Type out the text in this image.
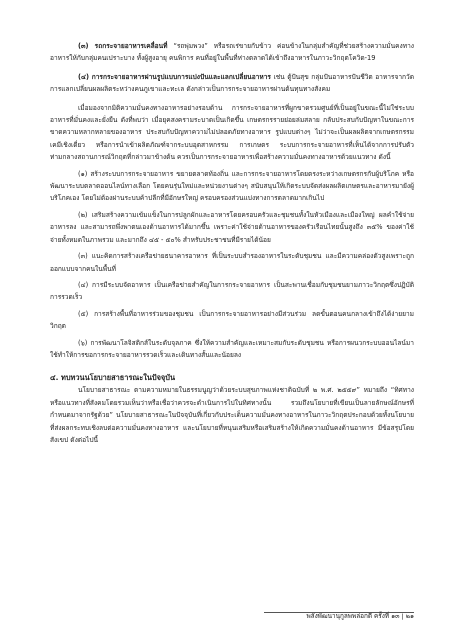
(๓) รถกระจายอาหารเคลื่อนที่ “รถพุ่มพวง” หรือรถเร่ขายกับข้าว ค่อนข้างในกลุ่มสำคัญที่ช่วยสร้างความมั่นคงทางอาหารให้กับกลุ่มคนเปราะบาง ทั้งผู้สูงอายุ คนพิการ คนที่อยู่ในพื้นที่ห่างตลาดได้เข้าถึงอาหารในภาวะวิกฤตโควิด-19

(๔) การกระจายอาหารผ่านรูปแบบการแบ่งปันและแลกเปลี่ยนอาหาร เช่น ตู้ปันสุข กลุ่มปันอาหารปันชีวิต อาหารจากวัด การแลกเปลี่ยนผลผลิตระหว่างคนภูเขาและทะเล ดังกล่าวเป็นการกระจายอาหารผ่านต้นทุนทางสังคม

เมื่อมองจากมิติความมั่นคงทางอาหารอย่างรอบด้าน การกระจายอาหารที่ผูกขาดรวมศูนย์ที่เป็นอยู่ในขณะนี้ไม่ใช่ระบบอาหารที่มั่นคงและยั่งยืน ดังที่พบว่า เมื่อยุคสงครามระบาดเป็นเกิดขึ้น เกษตรกรรายย่อยล่มสลาย กลับประสบกับปัญหาในขณะการ ขาดความหลากหลายของอาหาร ประสบกับปัญหาความไม่ปลอดภัยทางอาหาร รูปแบบต่างๆ ไม่ว่าจะเป็นผลผลิตจากเกษตรกรรมเคมีเชิงเดี่ยว หรือการนำเข้าผลิตภัณฑ์จากระบบอุตสาหกรรม การเกษตร ระบบการกระจายอาหารที่เห็นได้จากการปรับตัวท่ามกลางสถานการณ์วิกฤตที่กล่าวมาข้างต้น ควรเป็นการกระจายอาหารเพื่อสร้างความมั่นคงทางอาหารด้วยแนวทาง ดังนี้

(๑) สร้างระบบการกระจายอาหาร ขยายตลาดท้องถิ่น และการกระจายอาหารโดยตรงระหว่างเกษตรกรกับผู้บริโภค หรือพัฒนาระบบตลาดออนไลน์ทางเลือก โดยคนรุ่นใหม่และหน่วยงานต่างๆ สนับสนุนให้เกิดระบบจัดส่งผลผลิตเกษตรและอาหารมายังผู้บริโภคเอง โดยไม่ต้องผ่านระบบค้าปลีกที่มีอักษรใหญ่ ครอบครองส่วนแบ่งทางการตลาดมากเกินไป

(๒) เสริมสร้างความเข้มแข็งในการปลูกผักและอาหารโดยครอบครัวและชุมชนทั้งในหัวเมืองและเมืองใหญ่ ผลคำใช้จ่ายอาหารลง และสามารถพึ่งพาตนเองด้านอาหารได้มากขึ้น เพราะค่าใช้จ่ายด้านอาหารของครัวเรือนไทยนั้นสูงถึง ๓๕% ของค่าใช้จ่ายทั้งหมดในภาพรวม และมากถึง ๔๕ - ๕๐% สำหรับประชาชนที่มีรายได้น้อย

(๓) แนะคิดการสร้างเครือข่ายธนาคารอาหาร ที่เป็นระบบสำรองอาหารในระดับชุมชน และมีความคล่องตัวสูงเพราะถูกออกแบบจากคนในพื้นที่

(๔) การมีระบบจัดอาหาร เป็นเครือข่ายสำคัญในการกระจายอาหาร เป็นสะพานเชื่อมกับชุมชนยามภาวะวิกฤตซึ่งปฏิบัติการรวดเร็ว

(๕) การสร้างพื้นที่อาหารร่วมของชุมชน เป็นการกระจายอาหารอย่างมีส่วนร่วม ลดขั้นตอนคนกลางเข้าถึงได้ง่ายยามวิกฤต

(๖) การพัฒนาโลจิสติกส์ในระดับจุลภาค ซึ่งให้ความสำคัญและเหมาะสมกับระดับชุมชน หรือการผนวกระบบออนไลน์มาใช้ทำให้การขอการกระจายอาหารรวดเร็วและเดินทางสั้นและน้อยลง

๔. ทบทวนนโยบายสาธารณะในปัจจุบัน

นโยบายสาธารณะ ตามความหมายในธรรมนูญว่าด้วยระบบสุขภาพแห่งชาติฉบับที่ ๒ พ.ศ. ๒๕๕๙” หมายถึง “ทิศทางหรือแนวทางที่สังคมโดยรวมเห็นว่าหรือเชื่อว่าควรจะดำเนินการไปในทิศทางนั้น รวมถึงนโยบายที่เขียนเป็นลายลักษณ์อักษรที่กำหนดมาจากรัฐด้วย” นโยบายสาธารณะในปัจจุบันที่เกี่ยวกับประเด็นความมั่นคงทางอาหารในภาวะวิกฤตประกอบด้วยทั้งนโยบายที่ส่งผลกระทบเชิงลบต่อความมั่นคงทางอาหาร และนโยบายที่หนุนเสริมหรือเสริมสร้างให้เกิดความมั่นคงด้านอาหาร มีข้อสรุปโดยสังเขป ดังต่อไปนี้

พลังพัฒนานุกูลพพล่อกดี ครั้งที่ ๑๓ | ๒๑
